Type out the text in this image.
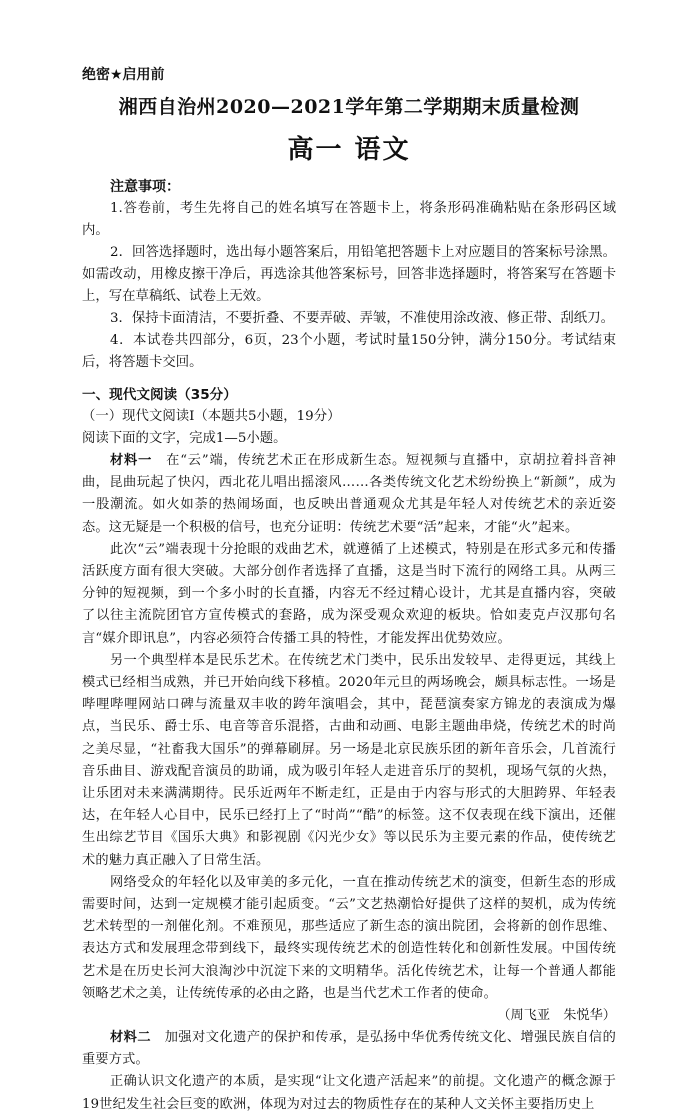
绝密★启用前
湘西自治州2020—2021学年第二学期期末质量检测
高一 语文
注意事项：

1.答卷前，考生先将自己的姓名填写在答题卡上，将条形码准确粘贴在条形码区域内。

2．回答选择题时，选出每小题答案后，用铅笔把答题卡上对应题目的答案标号涂黑。如需改动，用橡皮擦干净后，再选涂其他答案标号，回答非选择题时，将答案写在答题卡上，写在草稿纸、试卷上无效。

3．保持卡面清洁，不要折叠、不要弄破、弄皱，不准使用涂改液、修正带、刮纸刀。

4．本试卷共四部分，6页，23个小题，考试时量150分钟，满分150分。考试结束后，将答题卡交回。

一、现代文阅读（35分）

（一）现代文阅读Ⅰ（本题共5小题，19分）

阅读下面的文字，完成1—5小题。

材料一　 在“云”端，传统艺术正在形成新生态。短视频与直播中，京胡拉着抖音神曲，昆曲玩起了快闪，西北花儿唱出摇滚风……各类传统文化艺术纷纷换上“新颜”，成为一股潮流。如火如荼的热闹场面，也反映出普通观众尤其是年轻人对传统艺术的亲近姿态。这无疑是一个积极的信号，也充分证明：传统艺术要“活”起来，才能“火”起来。

此次“云”端表现十分抢眼的戏曲艺术，就遵循了上述模式，特别是在形式多元和传播活跃度方面有很大突破。大部分创作者选择了直播，这是当时下流行的网络工具。从两三分钟的短视频，到一个多小时的长直播，内容无不经过精心设计，尤其是直播内容，突破了以往主流院团官方宣传模式的套路，成为深受观众欢迎的板块。恰如麦克卢汉那句名言“媒介即讯息”，内容必须符合传播工具的特性，才能发挥出优势效应。

另一个典型样本是民乐艺术。在传统艺术门类中，民乐出发较早、走得更远，其线上模式已经相当成熟，并已开始向线下移植。2020年元旦的两场晚会，颇具标志性。一场是哔哩哔哩网站口碑与流量双丰收的跨年演唱会，其中，琵琶演奏家方锦龙的表演成为爆点，当民乐、爵士乐、电音等音乐混搭，古曲和动画、电影主题曲串烧，传统艺术的时尚之美尽显，“社畜我大国乐”的弹幕刷屏。另一场是北京民族乐团的新年音乐会，几首流行音乐曲目、游戏配音演员的助诵，成为吸引年轻人走进音乐厅的契机，现场气氛的火热，让乐团对未来满满期待。民乐近两年不断走红，正是由于内容与形式的大胆跨界、年轻表达，在年轻人心目中，民乐已经打上了“时尚”“酷”的标签。这不仅表现在线下演出，还催生出综艺节目《国乐大典》和影视剧《闪光少女》等以民乐为主要元素的作品，使传统艺术的魅力真正融入了日常生活。

网络受众的年轻化以及审美的多元化，一直在推动传统艺术的演变，但新生态的形成需要时间，达到一定规模才能引起质变。“云”文艺热潮恰好提供了这样的契机，成为传统艺术转型的一剂催化剂。不难预见，那些适应了新生态的演出院团，会将新的创作思维、表达方式和发展理念带到线下，最终实现传统艺术的创造性转化和创新性发展。中国传统艺术是在历史长河大浪淘沙中沉淀下来的文明精华。活化传统艺术，让每一个普通人都能领略艺术之美，让传统传承的必由之路，也是当代艺术工作者的使命。

（周飞亚　朱悦华）

材料二　 加强对文化遗产的保护和传承，是弘扬中华优秀传统文化、增强民族自信的重要方式。

正确认识文化遗产的本质，是实现“让文化遗产活起来”的前提。文化遗产的概念源于19世纪发生社会巨变的欧洲，体现为对过去的物质性存在的某种人文关怀主要指历史上
